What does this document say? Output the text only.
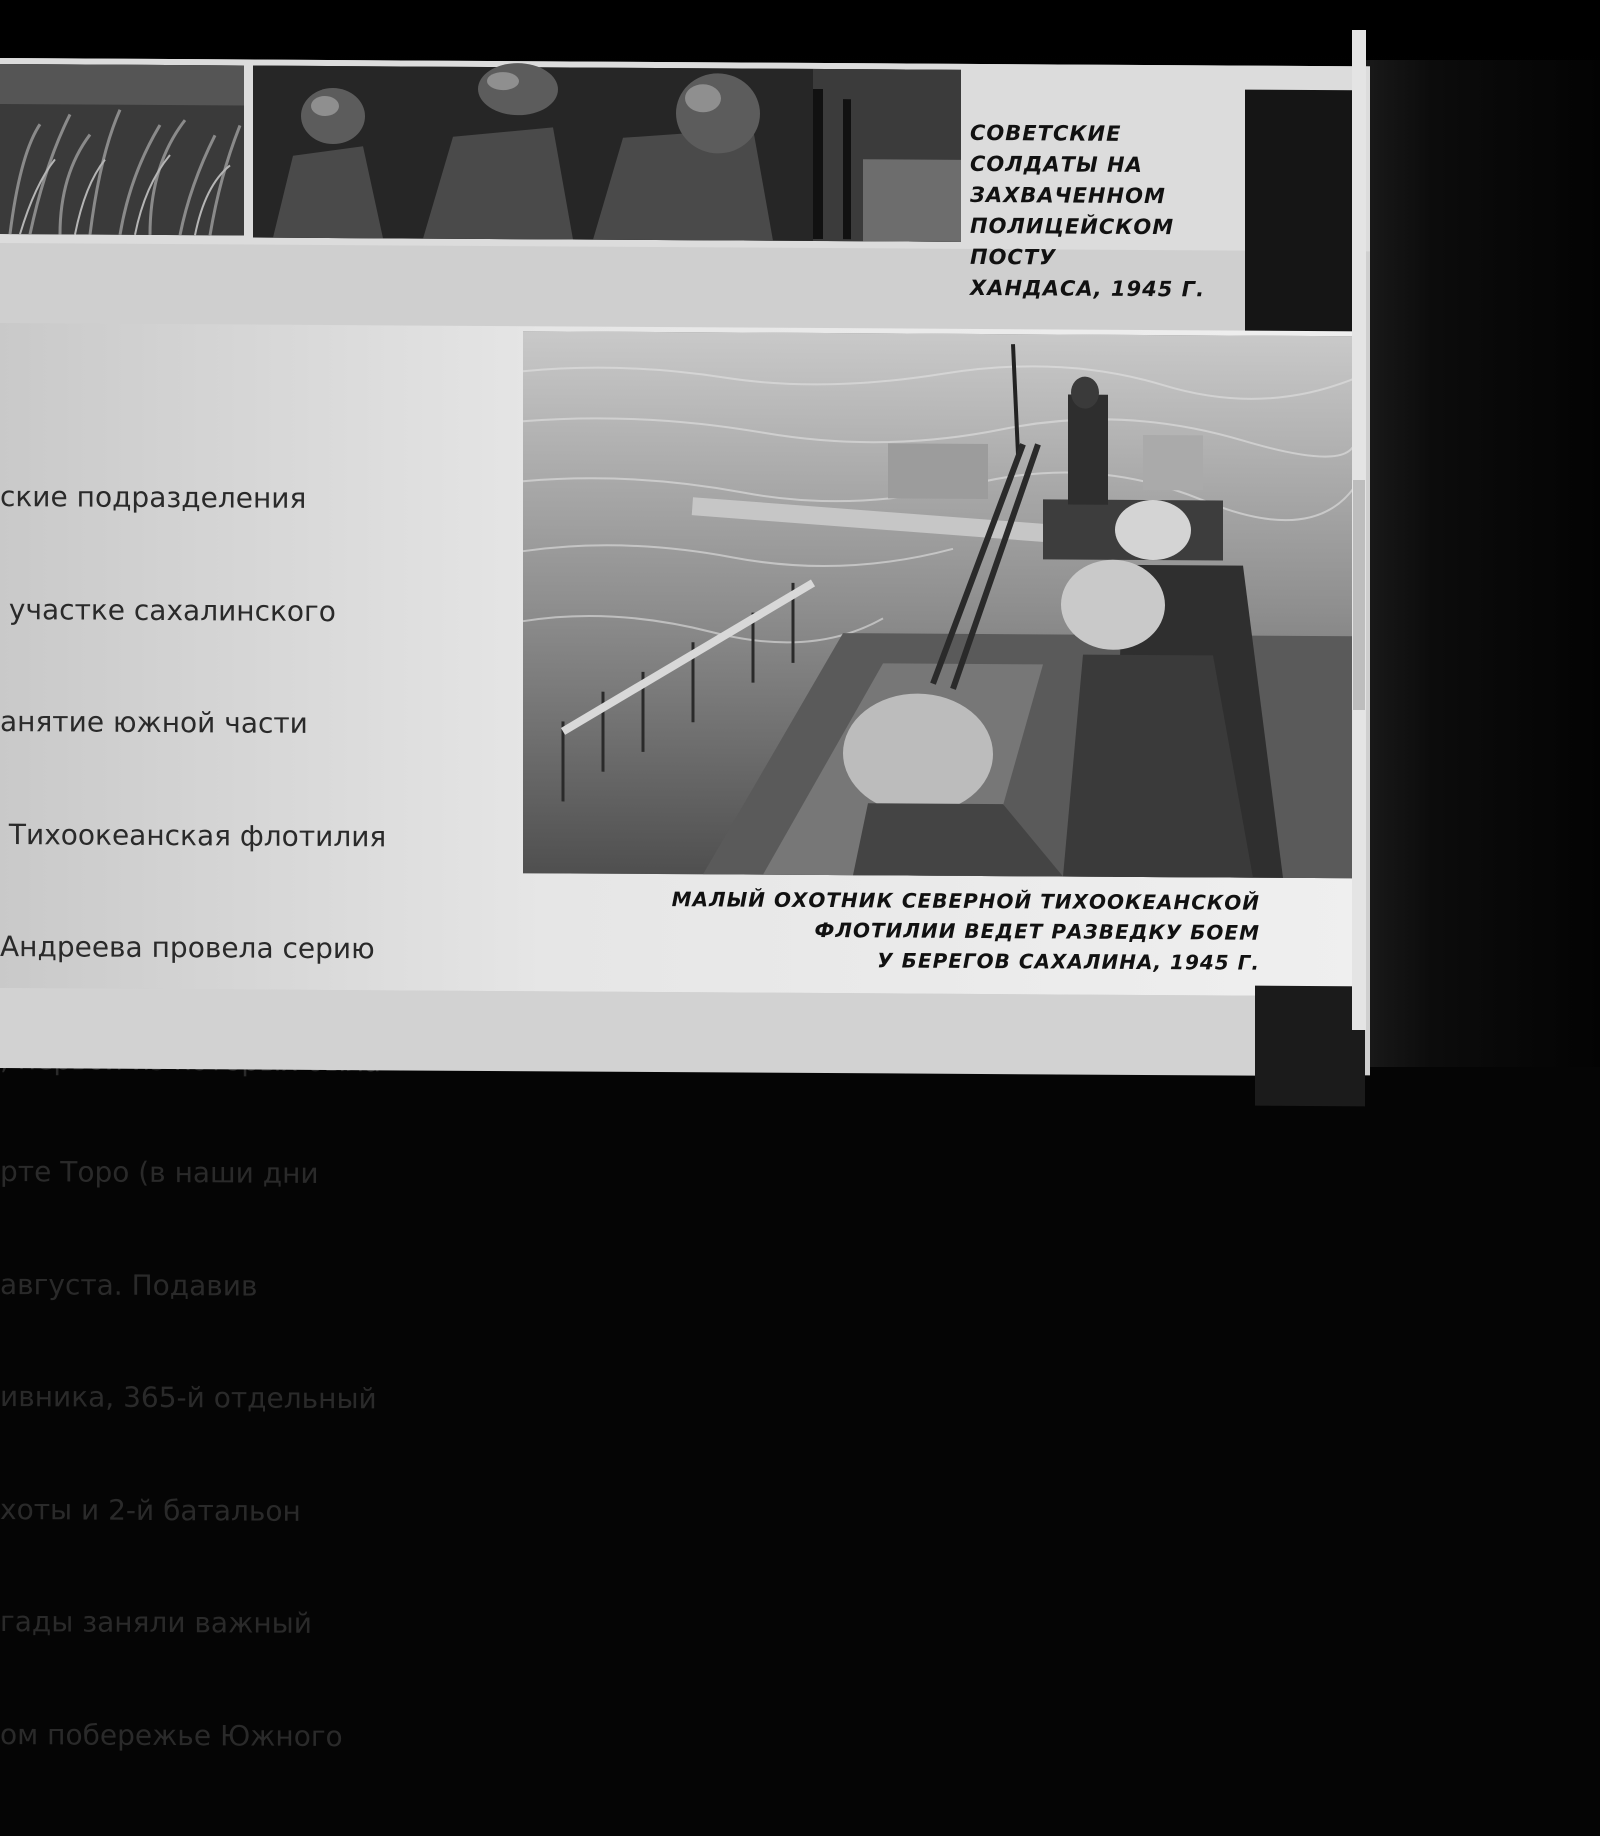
СОВЕТСКИЕ
СОЛДАТЫ НА
ЗАХВАЧЕННОМ
ПОЛИЦЕЙСКОМ ПОСТУ
ХАНДАСА, 1945 Г.

ские подразделения

участке сахалинского

анятие южной части

Тихоокеанская флотилия

Андреева провела серию

рте Торо (в наши дни

августа. Подавив

ивника, 365-й отдельный

хоты и 2-й батальон

гады заняли важный

ом побережье Южного

МАЛЫЙ ОХОТНИК СЕВЕРНОЙ ТИХООКЕАНСКОЙ
ФЛОТИЛИИ ВЕДЕТ РАЗВЕДКУ БОЕМ
У БЕРЕГОВ САХАЛИНА, 1945 Г.
